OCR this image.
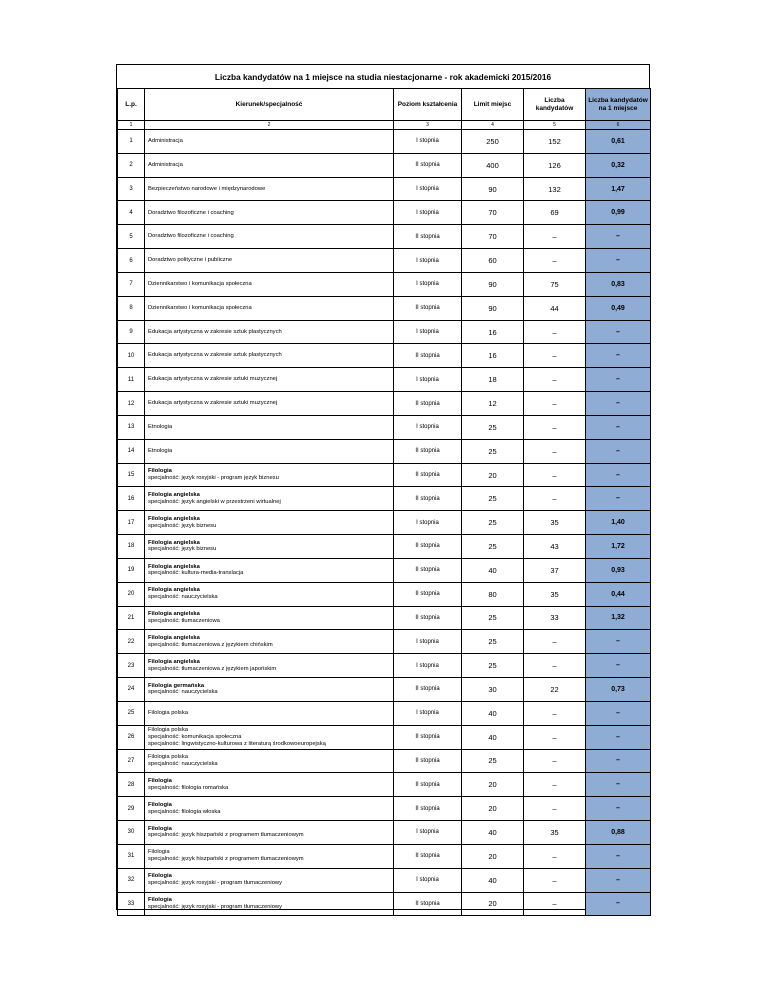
Liczba kandydatów na 1 miejsce na studia niestacjonarne - rok akademicki 2015/2016
L.p.	Kierunek/specjalność	Poziom kształcenia	Limit miejsc	Liczba kandydatów	Liczba kandydatów na 1 miejsce
1	2	3	4	5	6
1	Administracja	I stopnia	250	152	0,61
2	Administracja	II stopnia	400	126	0,32
3	Bezpieczeństwo narodowe i międzynarodowe	I stopnia	90	132	1,47
4	Doradztwo filozoficzne i coaching	I stopnia	70	69	0,99
5	Doradztwo filozoficzne i coaching	II stopnia	70	–	–
6	Doradztwo polityczne i publiczne	I stopnia	60	–	–
7	Dziennikarstwo i komunikacja społeczna	I stopnia	90	75	0,83
8	Dziennikarstwo i komunikacja społeczna	II stopnia	90	44	0,49
9	Edukacja artystyczna w zakresie sztuk plastycznych	I stopnia	16	–	–
10	Edukacja artystyczna w zakresie sztuk plastycznych	II stopnia	16	–	–
11	Edukacja artystyczna w zakresie sztuki muzycznej	I stopnia	18	–	–
12	Edukacja artystyczna w zakresie sztuki muzycznej	II stopnia	12	–	–
13	Etnologia	I stopnia	25	–	–
14	Etnologia	II stopnia	25	–	–
15	Filologia
specjalność: język rosyjski - program język biznesu	II stopnia	20	–	–
16	Filologia angielska
specjalność: język angielski w przestrzeni wirtualnej	II stopnia	25	–	–
17	Filologia angielska
specjalność: język biznesu	I stopnia	25	35	1,40
18	Filologia angielska
specjalność: język biznesu	II stopnia	25	43	1,72
19	Filologia angielska
specjalność: kultura-media-translacja	II stopnia	40	37	0,93
20	Filologia angielska
specjalność: nauczycielska	II stopnia	80	35	0,44
21	Filologia angielska
specjalność: tłumaczeniowa	II stopnia	25	33	1,32
22	Filologia angielska
specjalność: tłumaczeniowa z językiem chińskim	I stopnia	25	–	–
23	Filologia angielska
specjalność: tłumaczeniowa z językiem japońskim	I stopnia	25	–	–
24	Filologia germańska
specjalność: nauczycielska	II stopnia	30	22	0,73
25	Filologia polska	I stopnia	40	–	–
26	Filologia polska
specjalność: komunikacja społeczna
specjalność: lingwistyczno-kulturowa z literaturą środkowoeuropejską	II stopnia	40	–	–
27	Filologia polska
specjalność: nauczycielska	II stopnia	25	–	–
28	Filologia
specjalność: filologia romańska	II stopnia	20	–	–
29	Filologia
specjalność: filologia włoska	II stopnia	20	–	–
30	Filologia
specjalność: język hiszpański z programem tłumaczeniowym	I stopnia	40	35	0,88
31	Filologia
specjalność: język hiszpański z programem tłumaczeniowym	II stopnia	20	–	–
32	Filologia
specjalność: język rosyjski - program tłumaczeniowy	I stopnia	40	–	–
33	Filologia
specjalność: język rosyjski - program tłumaczeniowy	II stopnia	20	–	–
